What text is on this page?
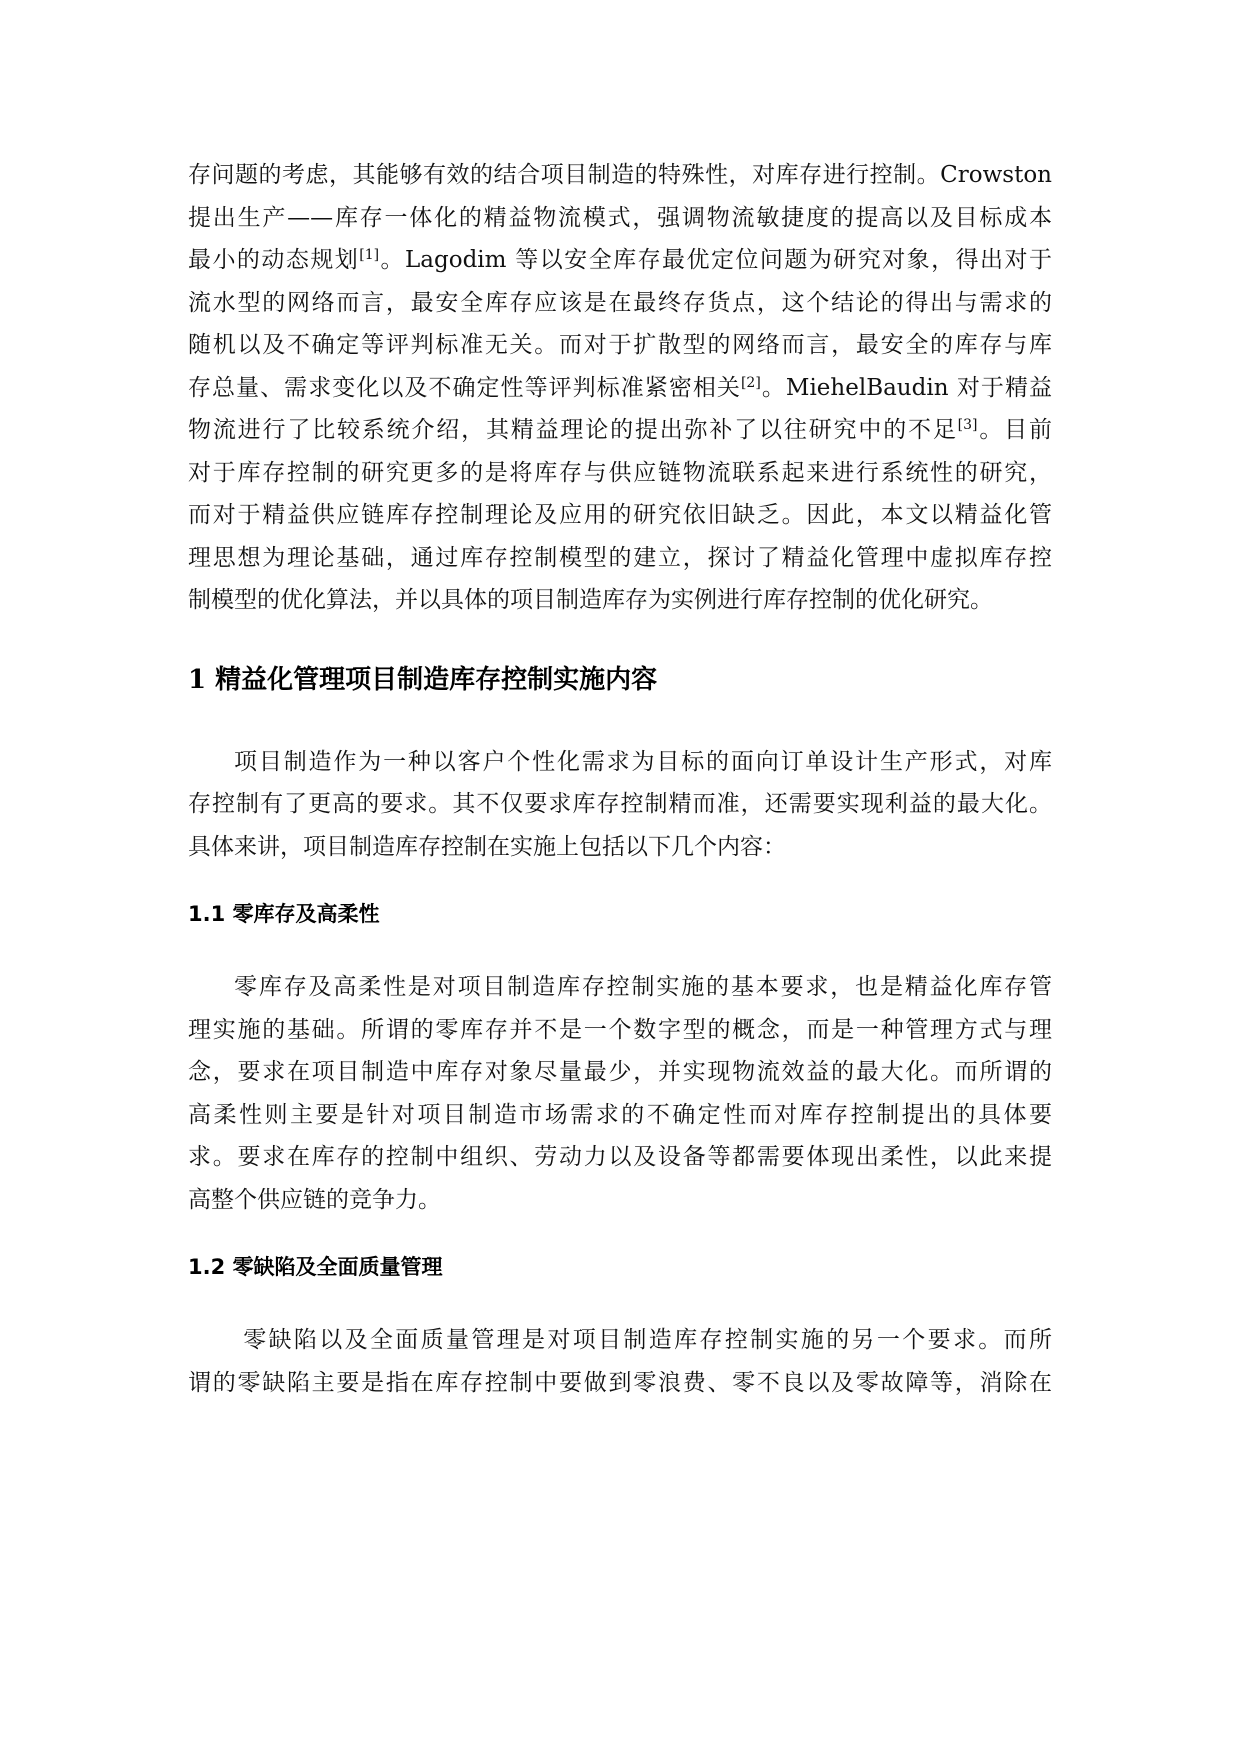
存问题的考虑，其能够有效的结合项目制造的特殊性，对库存进行控制。Crowston
提出生产——库存一体化的精益物流模式，强调物流敏捷度的提高以及目标成本
最小的动态规划[1]。Lagodim 等以安全库存最优定位问题为研究对象，得出对于
流水型的网络而言，最安全库存应该是在最终存货点，这个结论的得出与需求的
随机以及不确定等评判标准无关。而对于扩散型的网络而言，最安全的库存与库
存总量、需求变化以及不确定性等评判标准紧密相关[2]。MiehelBaudin 对于精益
物流进行了比较系统介绍，其精益理论的提出弥补了以往研究中的不足[3]。目前
对于库存控制的研究更多的是将库存与供应链物流联系起来进行系统性的研究，
而对于精益供应链库存控制理论及应用的研究依旧缺乏。因此，本文以精益化管
理思想为理论基础，通过库存控制模型的建立，探讨了精益化管理中虚拟库存控
制模型的优化算法，并以具体的项目制造库存为实例进行库存控制的优化研究。

1 精益化管理项目制造库存控制实施内容

项目制造作为一种以客户个性化需求为目标的面向订单设计生产形式，对库
存控制有了更高的要求。其不仅要求库存控制精而准，还需要实现利益的最大化。
具体来讲，项目制造库存控制在实施上包括以下几个内容：

1.1 零库存及高柔性

零库存及高柔性是对项目制造库存控制实施的基本要求，也是精益化库存管
理实施的基础。所谓的零库存并不是一个数字型的概念，而是一种管理方式与理
念，要求在项目制造中库存对象尽量最少，并实现物流效益的最大化。而所谓的
高柔性则主要是针对项目制造市场需求的不确定性而对库存控制提出的具体要
求。要求在库存的控制中组织、劳动力以及设备等都需要体现出柔性，以此来提
高整个供应链的竞争力。

1.2 零缺陷及全面质量管理

零缺陷以及全面质量管理是对项目制造库存控制实施的另一个要求。而所
谓的零缺陷主要是指在库存控制中要做到零浪费、零不良以及零故障等，消除在
